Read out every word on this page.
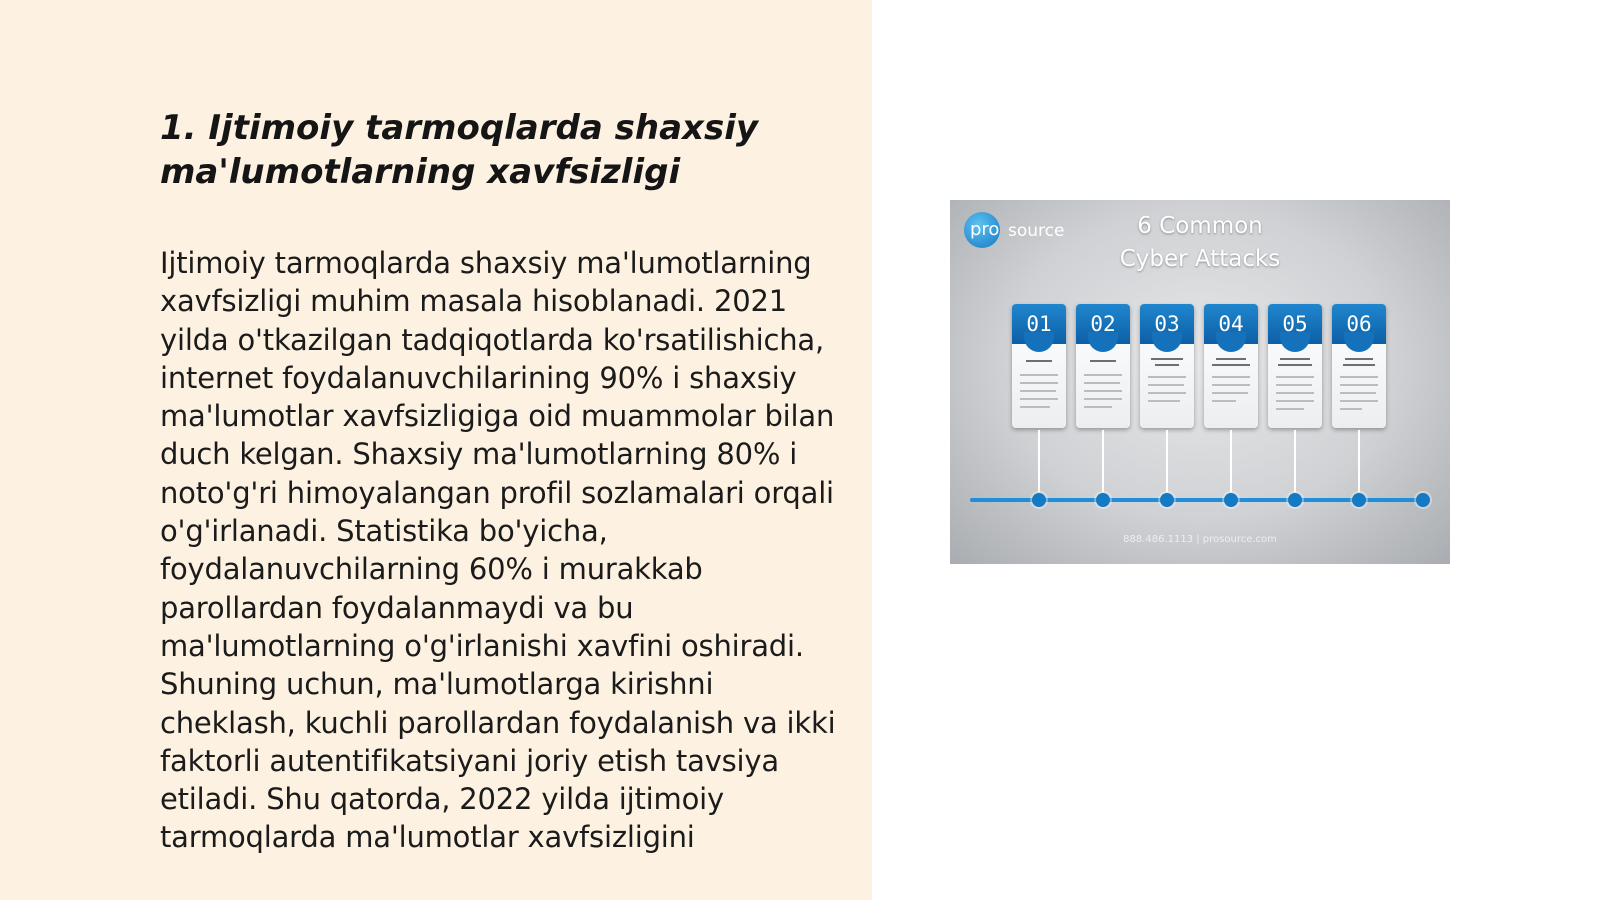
1. Ijtimoiy tarmoqlarda shaxsiy ma'lumotlarning xavfsizligi

Ijtimoiy tarmoqlarda shaxsiy ma'lumotlarning xavfsizligi muhim masala hisoblanadi. 2021 yilda o'tkazilgan tadqiqotlarda ko'rsatilishicha, internet foydalanuvchilarining 90% i shaxsiy ma'lumotlar xavfsizligiga oid muammolar bilan duch kelgan. Shaxsiy ma'lumotlarning 80% i noto'g'ri himoyalangan profil sozlamalari orqali o'g'irlanadi. Statistika bo'yicha, foydalanuvchilarning 60% i murakkab parollardan foydalanmaydi va bu ma'lumotlarning o'g'irlanishi xavfini oshiradi. Shuning uchun, ma'lumotlarga kirishni cheklash, kuchli parollardan foydalanish va ikki faktorli autentifikatsiyani joriy etish tavsiya etiladi. Shu qatorda, 2022 yilda ijtimoiy tarmoqlarda ma'lumotlar xavfsizligini

pro source	6 Common
Cyber Attacks
01	02	03	04	05	06
888.486.1113 | prosource.com
